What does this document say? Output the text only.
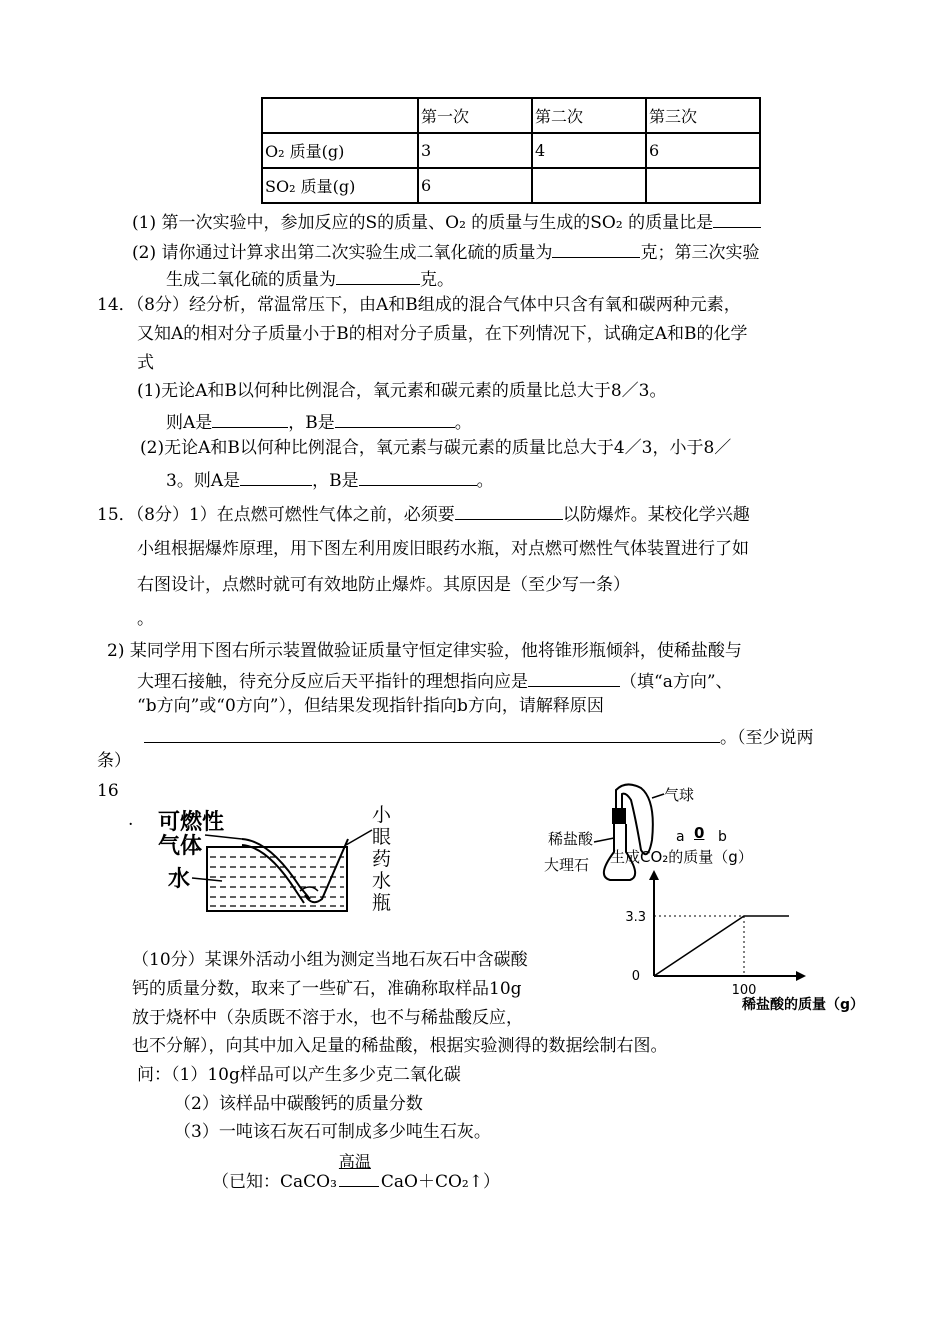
	第一次	第二次	第三次
O₂ 质量(g)	3	4	6
SO₂ 质量(g)	6		
(1) 第一次实验中，参加反应的S的质量、O₂ 的质量与生成的SO₂ 的质量比是
(2) 请你通过计算求出第二次实验生成二氧化硫的质量为	克；第三次实验
生成二氧化硫的质量为	克。
14．（8分）经分析，常温常压下，由A和B组成的混合气体中只含有氧和碳两种元素，
又知A的相对分子质量小于B的相对分子质量，在下列情况下，试确定A和B的化学
式
(1)无论A和B以何种比例混合，氧元素和碳元素的质量比总大于8／3。
则A是	，B是	。
(2)无论A和B以何种比例混合，氧元素与碳元素的质量比总大于4／3，小于8／
3。则A是	，B是	。
15．（8分）1）在点燃可燃性气体之前，必须要	以防爆炸。某校化学兴趣
小组根据爆炸原理，用下图左利用废旧眼药水瓶，对点燃可燃性气体装置进行了如
右图设计，点燃时就可有效地防止爆炸。其原因是（至少写一条）
。
2) 某同学用下图右所示装置做验证质量守恒定律实验，他将锥形瓶倾斜，使稀盐酸与
大理石接触，待充分反应后天平指针的理想指向应是	（填“a方向”、
“b方向”或“0方向”），但结果发现指针指向b方向，请解释原因
。（至少说两
条）
16
. 可燃性
气体
水
小
眼
药
水
瓶
气球
稀盐酸
大理石
a 0 b
生成CO₂的质量（g）
3.3
100
0
稀盐酸的质量（g）
（10分）某课外活动小组为测定当地石灰石中含碳酸
钙的质量分数，取来了一些矿石，准确称取样品10g
放于烧杯中（杂质既不溶于水，也不与稀盐酸反应，
也不分解），向其中加入足量的稀盐酸，根据实验测得的数据绘制右图。
问：（1）10g样品可以产生多少克二氧化碳
（2）该样品中碳酸钙的质量分数
（3）一吨该石灰石可制成多少吨生石灰。
（已知：CaCO₃
高温
CaO＋CO₂↑）
